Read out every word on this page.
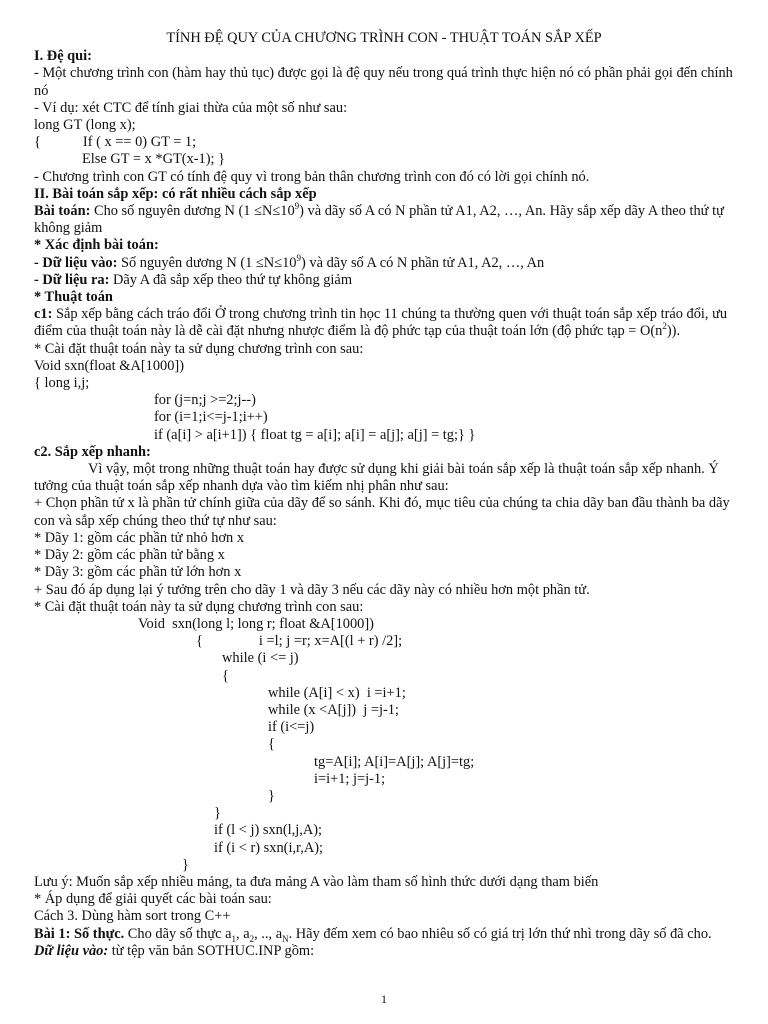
TÍNH ĐỆ QUY CỦA CHƯƠNG TRÌNH CON - THUẬT TOÁN SẮP XẾP

I. Đệ qui:

- Một chương trình con (hàm hay thủ tục) được gọi là đệ quy nếu trong quá trình thực hiện nó có phần phải gọi đến chính nó

- Ví dụ: xét CTC để tính giai thừa của một số như sau:

long GT (long x);

{	If ( x == 0) GT = 1;

Else GT = x *GT(x-1); }

- Chương trình con GT có tính đệ quy vì trong bản thân chương trình con đó có lời gọi chính nó.

II. Bài toán sắp xếp: có rất nhiều cách sắp xếp

Bài toán: Cho số nguyên dương N $(1 \le N\le 10^9)$ và dãy số A có N phần tử A1, A2, …, An. Hãy sắp xếp dãy A theo thứ tự không giảm

* Xác định bài toán:

- Dữ liệu vào: Số nguyên dương N $(1 \le N\le 10^9)$ và dãy số A có N phần tử A1, A2, …, An

- Dữ liệu ra: Dãy A đã sắp xếp theo thứ tự không giảm

* Thuật toán

c1: Sắp xếp bằng cách tráo đổi Ở trong chương trình tin học 11 chúng ta thường quen với thuật toán sắp xếp tráo đổi, ưu điểm của thuật toán này là dễ cài đặt nhưng nhược điểm là độ phức tạp của thuật toán lớn (độ phức tạp = $O(n^2)$).

* Cài đặt thuật toán này ta sử dụng chương trình con sau:

Void sxn(float &A[1000])

{ long i,j;

for (j=n;j >=2;j--)

for (i=1;i<=j-1;i++)

if (a[i] > a[i+1]) { float tg = a[i]; a[i] = a[j]; a[j] = tg;} }

c2. Sắp xếp nhanh:

Vì vậy, một trong những thuật toán hay được sử dụng khi giải bài toán sắp xếp là thuật toán sắp xếp nhanh. Ý tưởng của thuật toán sắp xếp nhanh dựa vào tìm kiếm nhị phân như sau:

+ Chọn phần tử x là phần tử chính giữa của dãy để so sánh. Khi đó, mục tiêu của chúng ta chia dãy ban đầu thành ba dãy con và sắp xếp chúng theo thứ tự như sau:

* Dãy 1: gồm các phần tử nhỏ hơn x

* Dãy 2: gồm các phần tử bằng x

* Dãy 3: gồm các phần tử lớn hơn x

+ Sau đó áp dụng lại ý tưởng trên cho dãy 1 và dãy 3 nếu các dãy này có nhiều hơn một phần tử.

* Cài đặt thuật toán này ta sử dụng chương trình con sau:

Void  sxn(long l; long r; float &A[1000])

{	i =l; j =r; x=A[(l + r) /2];

while (i <= j)

{

while (A[i] < x)  i =i+1;

while (x <A[j])  j =j-1;

if (i<=j)

{

tg=A[i]; A[i]=A[j]; A[j]=tg;

i=i+1; j=j-1;

}

}

if (l < j) sxn(l,j,A);

if (i < r) sxn(i,r,A);

}

Lưu ý: Muốn sắp xếp nhiều mảng, ta đưa mảng A vào làm tham số hình thức dưới dạng tham biến

* Áp dụng để giải quyết các bài toán sau:

Cách 3. Dùng hàm sort trong C++

Bài 1: Số thực. Cho dãy số thực $a_1$, $a_2$, .., $a_N$. Hãy đếm xem có bao nhiêu số có giá trị lớn thứ nhì trong dãy số đã cho.

Dữ liệu vào: từ tệp văn bản SOTHUC.INP gồm:

1
